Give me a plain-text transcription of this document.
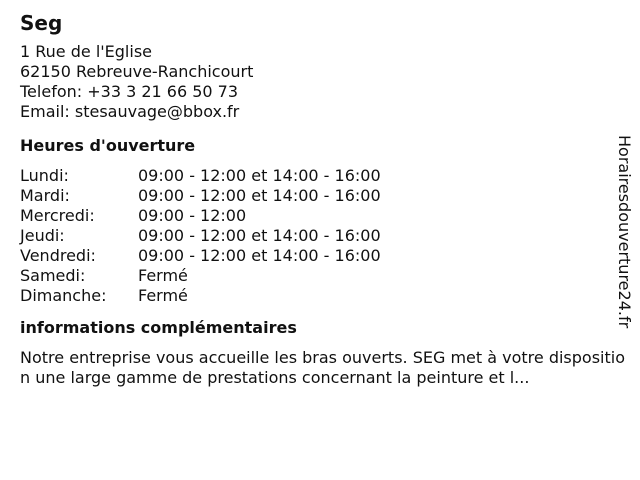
Seg
1 Rue de l'Eglise
62150 Rebreuve-Ranchicourt
Telefon: +33 3 21 66 50 73
Email: stesauvage@bbox.fr
Heures d'ouverture
Lundi:	09:00 - 12:00 et 14:00 - 16:00
Mardi:	09:00 - 12:00 et 14:00 - 16:00
Mercredi:	09:00 - 12:00
Jeudi:	09:00 - 12:00 et 14:00 - 16:00
Vendredi:	09:00 - 12:00 et 14:00 - 16:00
Samedi:	Fermé
Dimanche:	Fermé
informations complémentaires
Notre entreprise vous accueille les bras ouverts. SEG met à votre disposition une large gamme de prestations concernant la peinture et l...
Horairesdouverture24.fr
